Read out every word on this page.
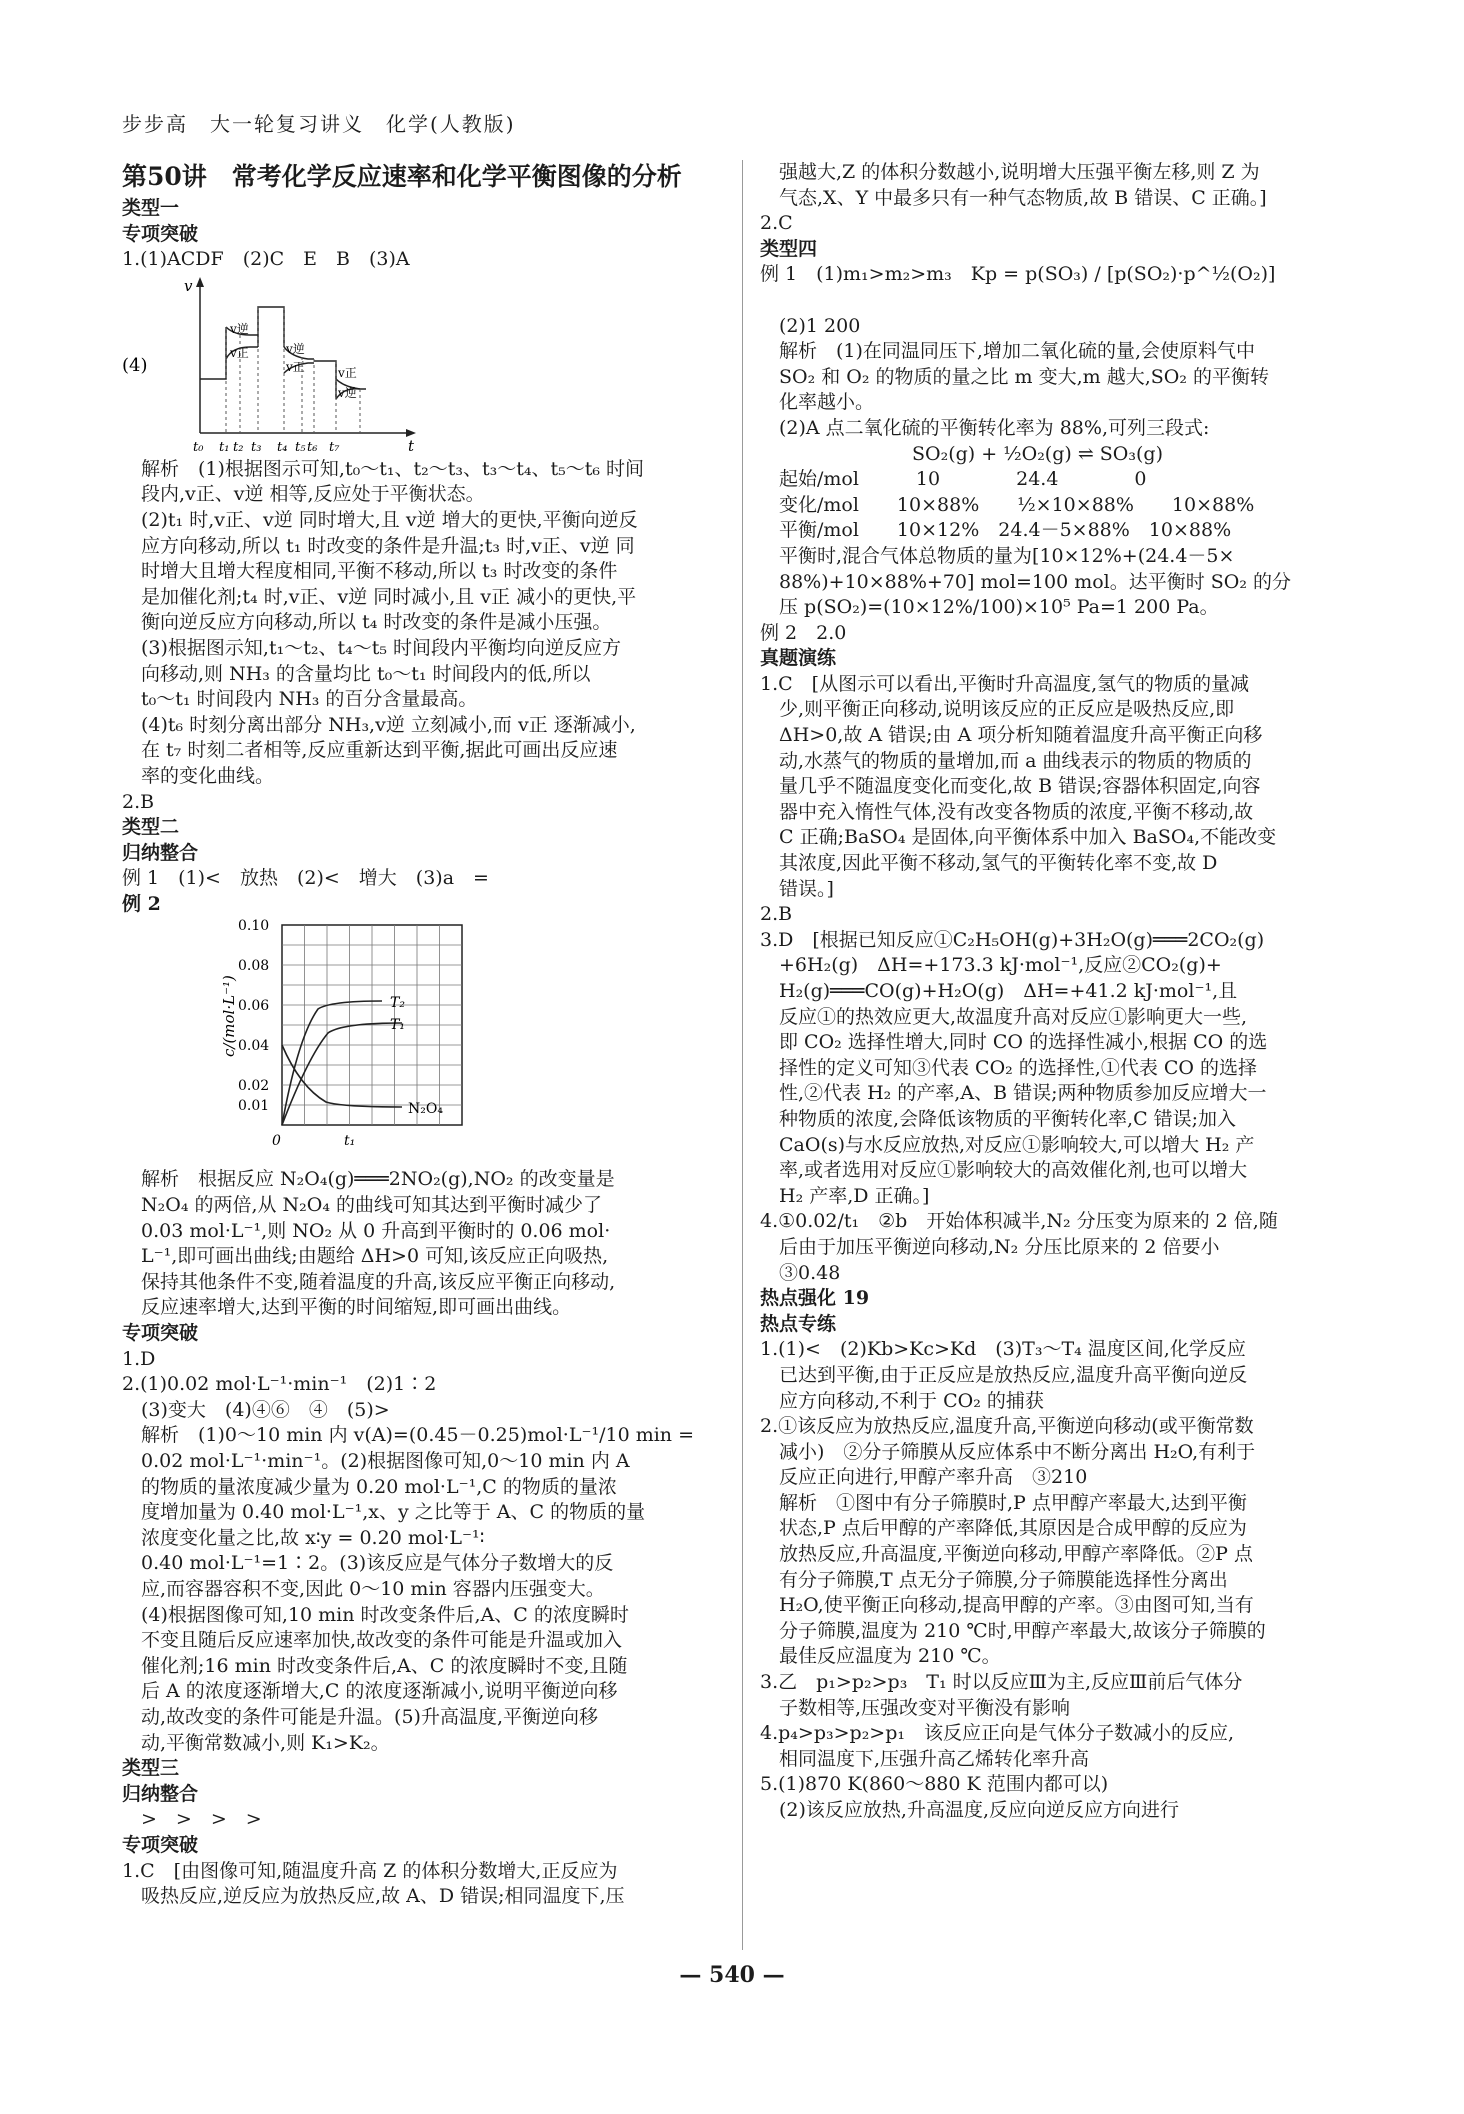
步步高　大一轮复习讲义　化学(人教版)
第50讲　常考化学反应速率和化学平衡图像的分析
类型一
专项突破
1.(1)ACDF　(2)C　E　B　(3)A
(4)
v
t
t₀ t₁ t₂ t₃ t₄ t₅ t₆ t₇
v逆
v正	v逆
v正	v正
v逆
　解析　(1)根据图示可知,t₀～t₁、t₂～t₃、t₃～t₄、t₅～t₆ 时间
　段内,v正、v逆 相等,反应处于平衡状态。
　(2)t₁ 时,v正、v逆 同时增大,且 v逆 增大的更快,平衡向逆反
　应方向移动,所以 t₁ 时改变的条件是升温;t₃ 时,v正、v逆 同
　时增大且增大程度相同,平衡不移动,所以 t₃ 时改变的条件
　是加催化剂;t₄ 时,v正、v逆 同时减小,且 v正 减小的更快,平
　衡向逆反应方向移动,所以 t₄ 时改变的条件是减小压强。
　(3)根据图示知,t₁～t₂、t₄～t₅ 时间段内平衡均向逆反应方
　向移动,则 NH₃ 的含量均比 t₀～t₁ 时间段内的低,所以
　t₀～t₁ 时间段内 NH₃ 的百分含量最高。
　(4)t₆ 时刻分离出部分 NH₃,v逆 立刻减小,而 v正 逐渐减小,
　在 t₇ 时刻二者相等,反应重新达到平衡,据此可画出反应速
　率的变化曲线。
2.B
类型二
归纳整合
例 1　(1)<　放热　(2)<　增大　(3)a　=
例 2
c/(mol·L⁻¹)
0.10
0.08
0.06
0.04
0.02
0.01
0	t₁
T₂
T₁
N₂O₄
　解析　根据反应 N₂O₄(g)═══2NO₂(g),NO₂ 的改变量是
　N₂O₄ 的两倍,从 N₂O₄ 的曲线可知其达到平衡时减少了
　0.03 mol·L⁻¹,则 NO₂ 从 0 升高到平衡时的 0.06 mol·
　L⁻¹,即可画出曲线;由题给 ΔH>0 可知,该反应正向吸热,
　保持其他条件不变,随着温度的升高,该反应平衡正向移动,
　反应速率增大,达到平衡的时间缩短,即可画出曲线。
专项突破
1.D
2.(1)0.02 mol·L⁻¹·min⁻¹　(2)1∶2
　(3)变大　(4)④⑥　④　(5)>
　解析　(1)0～10 min 内 v(A)=(0.45－0.25)mol·L⁻¹/10 min =
　0.02 mol·L⁻¹·min⁻¹。(2)根据图像可知,0～10 min 内 A
　的物质的量浓度减少量为 0.20 mol·L⁻¹,C 的物质的量浓
　度增加量为 0.40 mol·L⁻¹,x、y 之比等于 A、C 的物质的量
　浓度变化量之比,故 x∶y = 0.20 mol·L⁻¹∶
　0.40 mol·L⁻¹=1∶2。(3)该反应是气体分子数增大的反
　应,而容器容积不变,因此 0～10 min 容器内压强变大。
　(4)根据图像可知,10 min 时改变条件后,A、C 的浓度瞬时
　不变且随后反应速率加快,故改变的条件可能是升温或加入
　催化剂;16 min 时改变条件后,A、C 的浓度瞬时不变,且随
　后 A 的浓度逐渐增大,C 的浓度逐渐减小,说明平衡逆向移
　动,故改变的条件可能是升温。(5)升高温度,平衡逆向移
　动,平衡常数减小,则 K₁>K₂。
类型三
归纳整合
　>　>　>　>
专项突破
1.C　[由图像可知,随温度升高 Z 的体积分数增大,正反应为
　吸热反应,逆反应为放热反应,故 A、D 错误;相同温度下,压
　强越大,Z 的体积分数越小,说明增大压强平衡左移,则 Z 为
　气态,X、Y 中最多只有一种气态物质,故 B 错误、C 正确。]
2.C
类型四
例 1　(1)m₁>m₂>m₃　Kp = p(SO₃) / [p(SO₂)·p^½(O₂)]
　(2)1 200
　解析　(1)在同温同压下,增加二氧化硫的量,会使原料气中
　SO₂ 和 O₂ 的物质的量之比 m 变大,m 越大,SO₂ 的平衡转
　化率越小。
　(2)A 点二氧化硫的平衡转化率为 88%,可列三段式:
　　　　　　　　SO₂(g) + ½O₂(g) ⇌ SO₃(g)
　起始/mol　　　10　　　　24.4　　　　0
　变化/mol　　10×88%　　½×10×88%　　10×88%
　平衡/mol　　10×12%　24.4－5×88%　10×88%
　平衡时,混合气体总物质的量为[10×12%+(24.4－5×
　88%)+10×88%+70] mol=100 mol。达平衡时 SO₂ 的分
　压 p(SO₂)=(10×12%/100)×10⁵ Pa=1 200 Pa。
例 2　2.0
真题演练
1.C　[从图示可以看出,平衡时升高温度,氢气的物质的量减
　少,则平衡正向移动,说明该反应的正反应是吸热反应,即
　ΔH>0,故 A 错误;由 A 项分析知随着温度升高平衡正向移
　动,水蒸气的物质的量增加,而 a 曲线表示的物质的物质的
　量几乎不随温度变化而变化,故 B 错误;容器体积固定,向容
　器中充入惰性气体,没有改变各物质的浓度,平衡不移动,故
　C 正确;BaSO₄ 是固体,向平衡体系中加入 BaSO₄,不能改变
　其浓度,因此平衡不移动,氢气的平衡转化率不变,故 D
　错误。]
2.B
3.D　[根据已知反应①C₂H₅OH(g)+3H₂O(g)═══2CO₂(g)
　+6H₂(g)　ΔH=+173.3 kJ·mol⁻¹,反应②CO₂(g)+
　H₂(g)═══CO(g)+H₂O(g)　ΔH=+41.2 kJ·mol⁻¹,且
　反应①的热效应更大,故温度升高对反应①影响更大一些,
　即 CO₂ 选择性增大,同时 CO 的选择性减小,根据 CO 的选
　择性的定义可知③代表 CO₂ 的选择性,①代表 CO 的选择
　性,②代表 H₂ 的产率,A、B 错误;两种物质参加反应增大一
　种物质的浓度,会降低该物质的平衡转化率,C 错误;加入
　CaO(s)与水反应放热,对反应①影响较大,可以增大 H₂ 产
　率,或者选用对反应①影响较大的高效催化剂,也可以增大
　H₂ 产率,D 正确。]
4.①0.02/t₁　②b　开始体积减半,N₂ 分压变为原来的 2 倍,随
　后由于加压平衡逆向移动,N₂ 分压比原来的 2 倍要小
　③0.48
热点强化 19
热点专练
1.(1)<　(2)Kb>Kc>Kd　(3)T₃～T₄ 温度区间,化学反应
　已达到平衡,由于正反应是放热反应,温度升高平衡向逆反
　应方向移动,不利于 CO₂ 的捕获
2.①该反应为放热反应,温度升高,平衡逆向移动(或平衡常数
　减小)　②分子筛膜从反应体系中不断分离出 H₂O,有利于
　反应正向进行,甲醇产率升高　③210
　解析　①图中有分子筛膜时,P 点甲醇产率最大,达到平衡
　状态,P 点后甲醇的产率降低,其原因是合成甲醇的反应为
　放热反应,升高温度,平衡逆向移动,甲醇产率降低。②P 点
　有分子筛膜,T 点无分子筛膜,分子筛膜能选择性分离出
　H₂O,使平衡正向移动,提高甲醇的产率。③由图可知,当有
　分子筛膜,温度为 210 ℃时,甲醇产率最大,故该分子筛膜的
　最佳反应温度为 210 ℃。
3.乙　p₁>p₂>p₃　T₁ 时以反应Ⅲ为主,反应Ⅲ前后气体分
　子数相等,压强改变对平衡没有影响
4.p₄>p₃>p₂>p₁　该反应正向是气体分子数减小的反应,
　相同温度下,压强升高乙烯转化率升高
5.(1)870 K(860～880 K 范围内都可以)
　(2)该反应放热,升高温度,反应向逆反应方向进行
— 540 —
